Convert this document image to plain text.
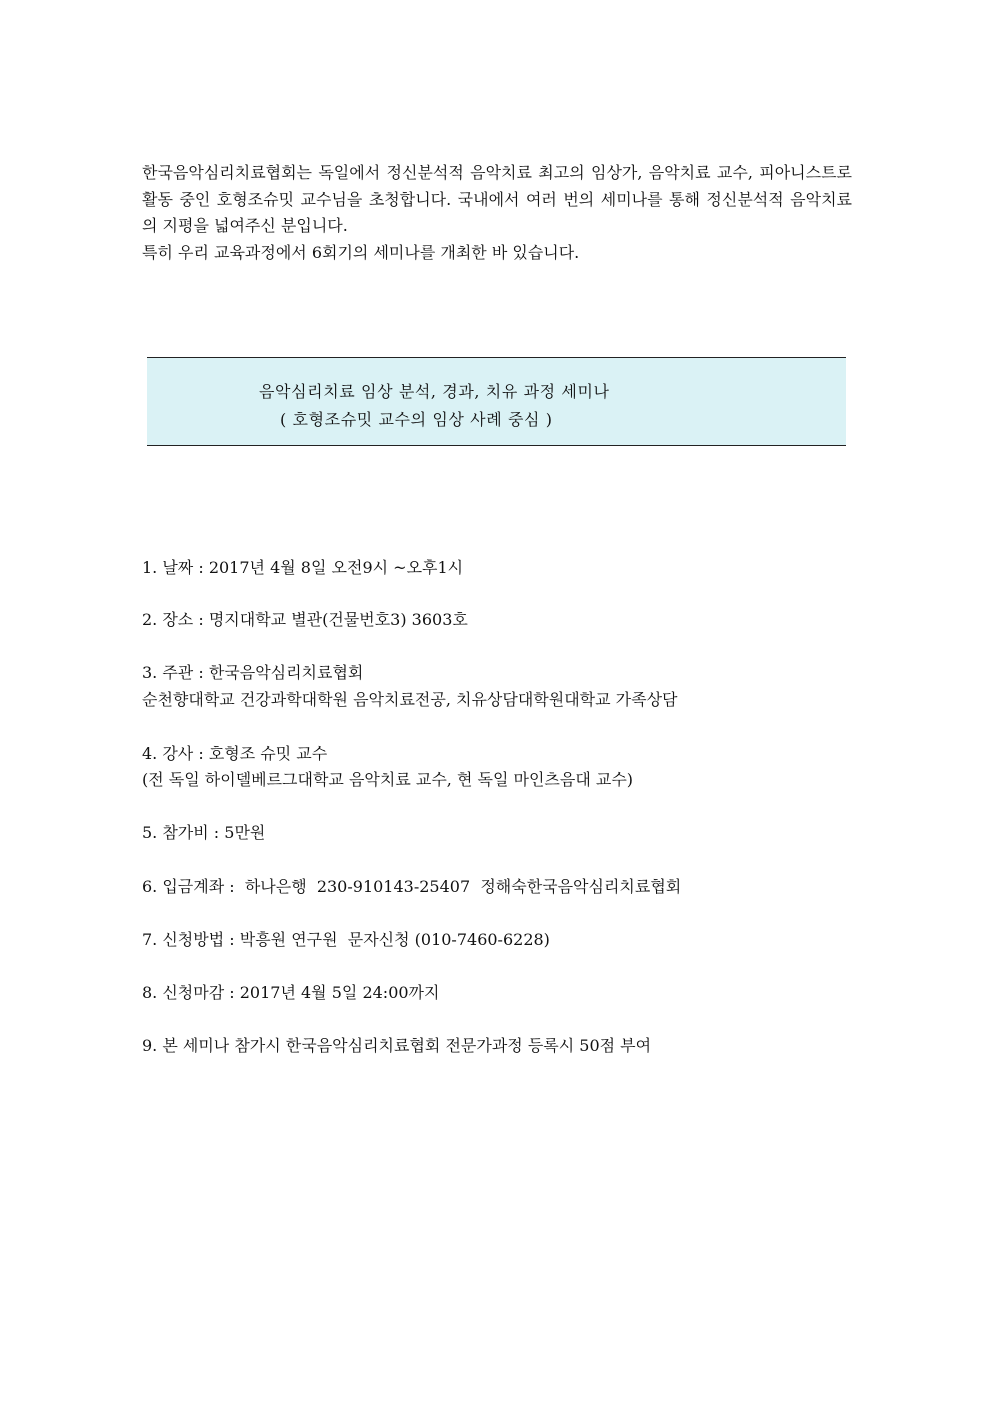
한국음악심리치료협회는 독일에서 정신분석적 음악치료 최고의 임상가, 음악치료 교수, 피아니스트로 활동 중인 호형조슈밋 교수님을 초청합니다. 국내에서 여러 번의 세미나를 통해 정신분석적 음악치료의 지평을 넓여주신 분입니다.

특히 우리 교육과정에서 6회기의 세미나를 개최한 바 있습니다.

음악심리치료 임상 분석, 경과, 치유 과정 세미나
( 호형조슈밋 교수의 임상 사례 중심 )
1. 날짜 : 2017년 4월 8일 오전9시 ~오후1시
2. 장소 : 명지대학교 별관(건물번호3) 3603호
3. 주관 : 한국음악심리치료협회
순천향대학교 건강과학대학원 음악치료전공, 치유상담대학원대학교 가족상담
4. 강사 : 호형조 슈밋 교수
(전 독일 하이델베르그대학교 음악치료 교수, 현 독일 마인츠음대 교수)
5. 참가비 : 5만원
6. 입금계좌 :  하나은행  230-910143-25407  정해숙한국음악심리치료협회
7. 신청방법 : 박흥원 연구원  문자신청 (010-7460-6228)
8. 신청마감 : 2017년 4월 5일 24:00까지
9. 본 세미나 참가시 한국음악심리치료협회 전문가과정 등록시 50점 부여
